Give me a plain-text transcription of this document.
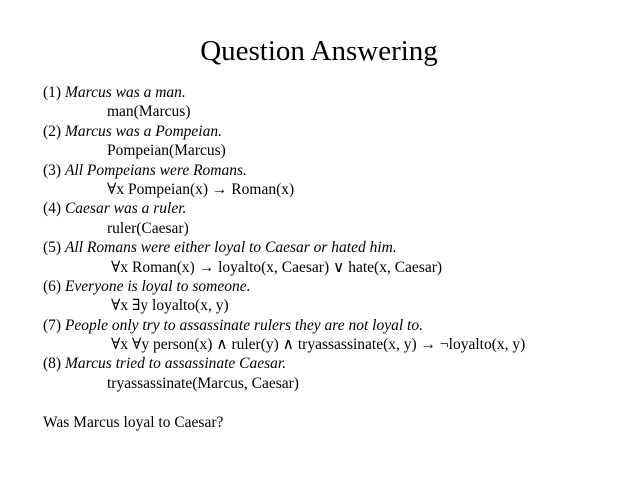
Question Answering
(1) Marcus was a man.
man(Marcus)
(2) Marcus was a Pompeian.
Pompeian(Marcus)
(3) All Pompeians were Romans.
∀x Pompeian(x) → Roman(x)
(4) Caesar was a ruler.
ruler(Caesar)
(5) All Romans were either loyal to Caesar or hated him.
∀x Roman(x) → loyalto(x, Caesar) ∨ hate(x, Caesar)
(6) Everyone is loyal to someone.
∀x ∃y loyalto(x, y)
(7) People only try to assassinate rulers they are not loyal to.
∀x ∀y person(x) ∧ ruler(y) ∧ tryassassinate(x, y) → ¬loyalto(x, y)
(8) Marcus tried to assassinate Caesar.
tryassassinate(Marcus, Caesar)
Was Marcus loyal to Caesar?
